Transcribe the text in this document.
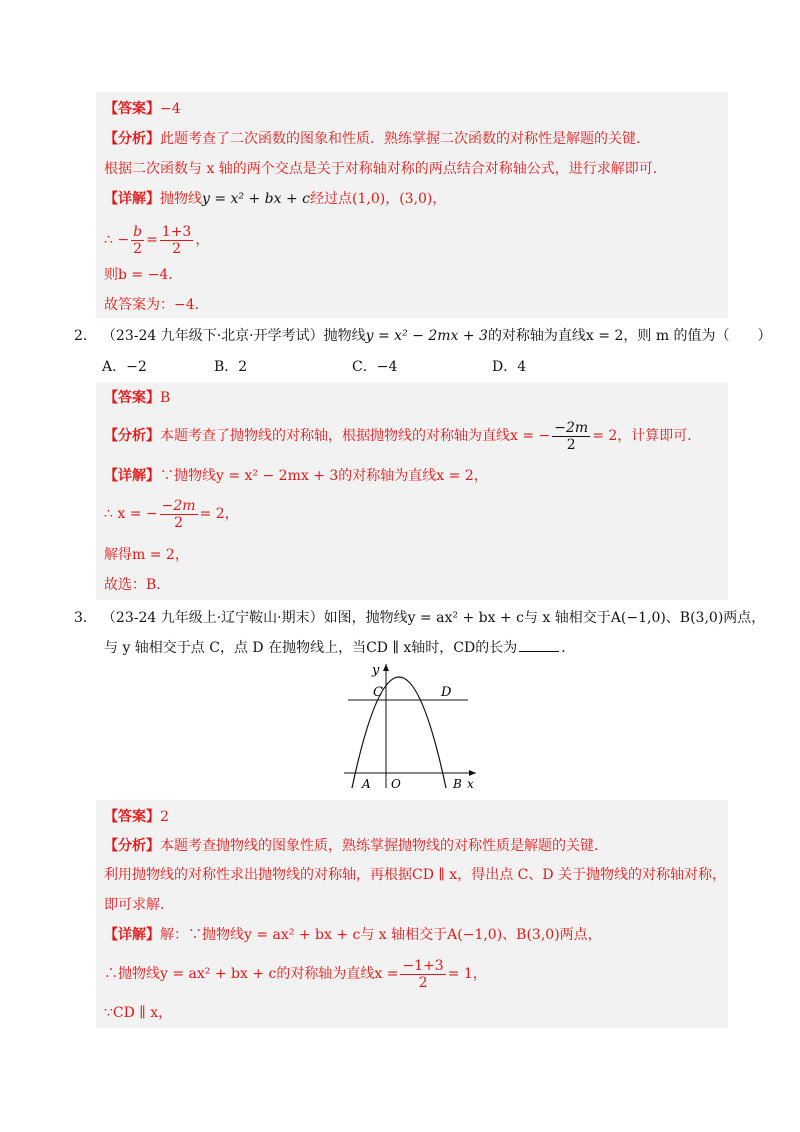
【答案】−4
【分析】此题考查了二次函数的图象和性质．熟练掌握二次函数的对称性是解题的关键．
根据二次函数与 x 轴的两个交点是关于对称轴对称的两点结合对称轴公式，进行求解即可．
【详解】抛物线y = x² + bx + c经过点(1,0)，(3,0)，
∴ − $\frac{b}{2} = \frac{1+3}{2}$ ，
则b = −4．
故答案为：−4．
2． （23-24 九年级下·北京·开学考试）抛物线y = x² − 2mx + 3的对称轴为直线x = 2，则 m 的值为（　　）
A．−2	B．2	C．−4	D．4
【答案】B
【分析】本题考查了抛物线的对称轴，根据抛物线的对称轴为直线x = − $\frac{-2m}{2} = 2$，计算即可．
【详解】∵抛物线y = x² − 2mx + 3的对称轴为直线x = 2，
∴ x = − $\frac{-2m}{2} = 2$，
解得m = 2，
故选：B．
3． （23-24 九年级上·辽宁鞍山·期末）如图，抛物线y = ax² + bx + c与 x 轴相交于A(−1,0)、B(3,0)两点，
与 y 轴相交于点 C，点 D 在抛物线上，当CD ∥ x轴时，CD的长为	．
y
C	D
A O	B x
【答案】2
【分析】本题考查抛物线的图象性质，熟练掌握抛物线的对称性质是解题的关键．
利用抛物线的对称性求出抛物线的对称轴，再根据CD ∥ x，得出点 C、D 关于抛物线的对称轴对称，
即可求解．
【详解】解：∵抛物线y = ax² + bx + c与 x 轴相交于A(−1,0)、B(3,0)两点，
∴抛物线y = ax² + bx + c的对称轴为直线$x = \frac{-1+3}{2} = 1$，
∵CD ∥ x，
